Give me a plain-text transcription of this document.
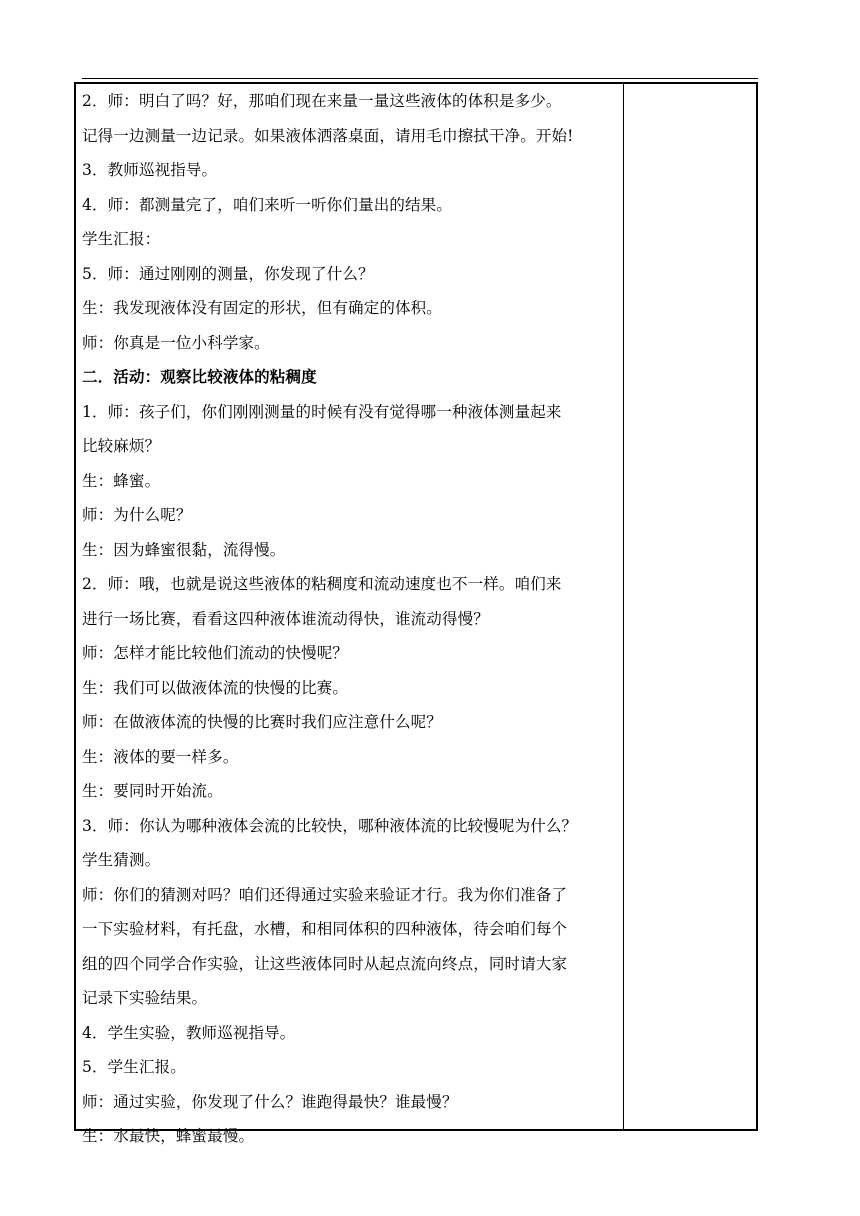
2．师：明白了吗？好，那咱们现在来量一量这些液体的体积是多少。
记得一边测量一边记录。如果液体洒落桌面，请用毛巾擦拭干净。开始!
3．教师巡视指导。
4．师：都测量完了，咱们来听一听你们量出的结果。
学生汇报：
5．师：通过刚刚的测量，你发现了什么？
生：我发现液体没有固定的形状，但有确定的体积。
师：你真是一位小科学家。
二．活动：观察比较液体的粘稠度
1．师：孩子们，你们刚刚测量的时候有没有觉得哪一种液体测量起来
比较麻烦？
生：蜂蜜。
师：为什么呢？
生：因为蜂蜜很黏，流得慢。
2．师：哦，也就是说这些液体的粘稠度和流动速度也不一样。咱们来
进行一场比赛，看看这四种液体谁流动得快，谁流动得慢？
师：怎样才能比较他们流动的快慢呢？
生：我们可以做液体流的快慢的比赛。
师：在做液体流的快慢的比赛时我们应注意什么呢？
生：液体的要一样多。
生：要同时开始流。
3．师：你认为哪种液体会流的比较快，哪种液体流的比较慢呢为什么？
学生猜测。
师：你们的猜测对吗？咱们还得通过实验来验证才行。我为你们准备了
一下实验材料，有托盘，水槽，和相同体积的四种液体，待会咱们每个
组的四个同学合作实验，让这些液体同时从起点流向终点，同时请大家
记录下实验结果。
4．学生实验，教师巡视指导。
5．学生汇报。
师：通过实验，你发现了什么？谁跑得最快？谁最慢？
生：水最快，蜂蜜最慢。
